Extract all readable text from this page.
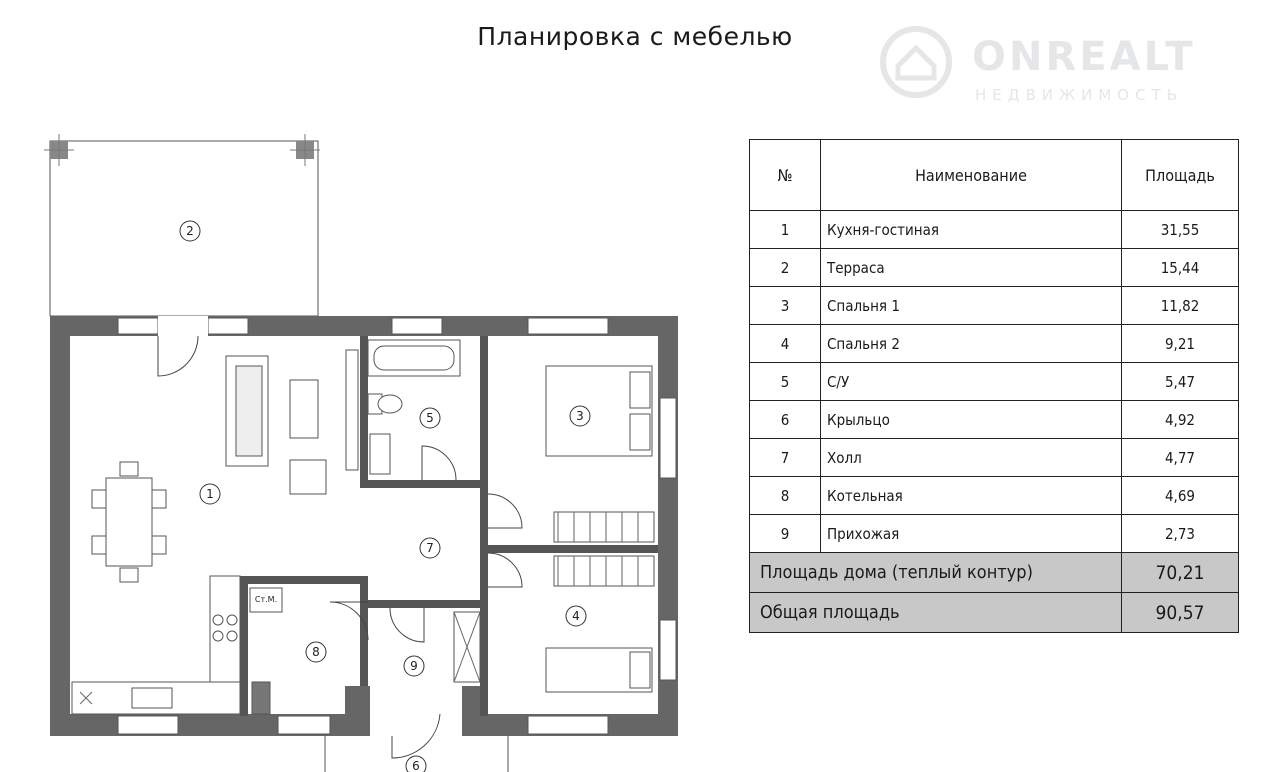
Планировка с мебелью	ONREALT
НЕДВИЖИМОСТЬ
1
2
3
4
5
6
7
8
9
Ст.М.
№	Наименование	Площадь
1	Кухня-гостиная	31,55
2	Терраса	15,44
3	Спальня 1	11,82
4	Спальня 2	9,21
5	С/У	5,47
6	Крыльцо	4,92
7	Холл	4,77
8	Котельная	4,69
9	Прихожая	2,73
Площадь дома (теплый контур)		70,21
Общая площадь		90,57
